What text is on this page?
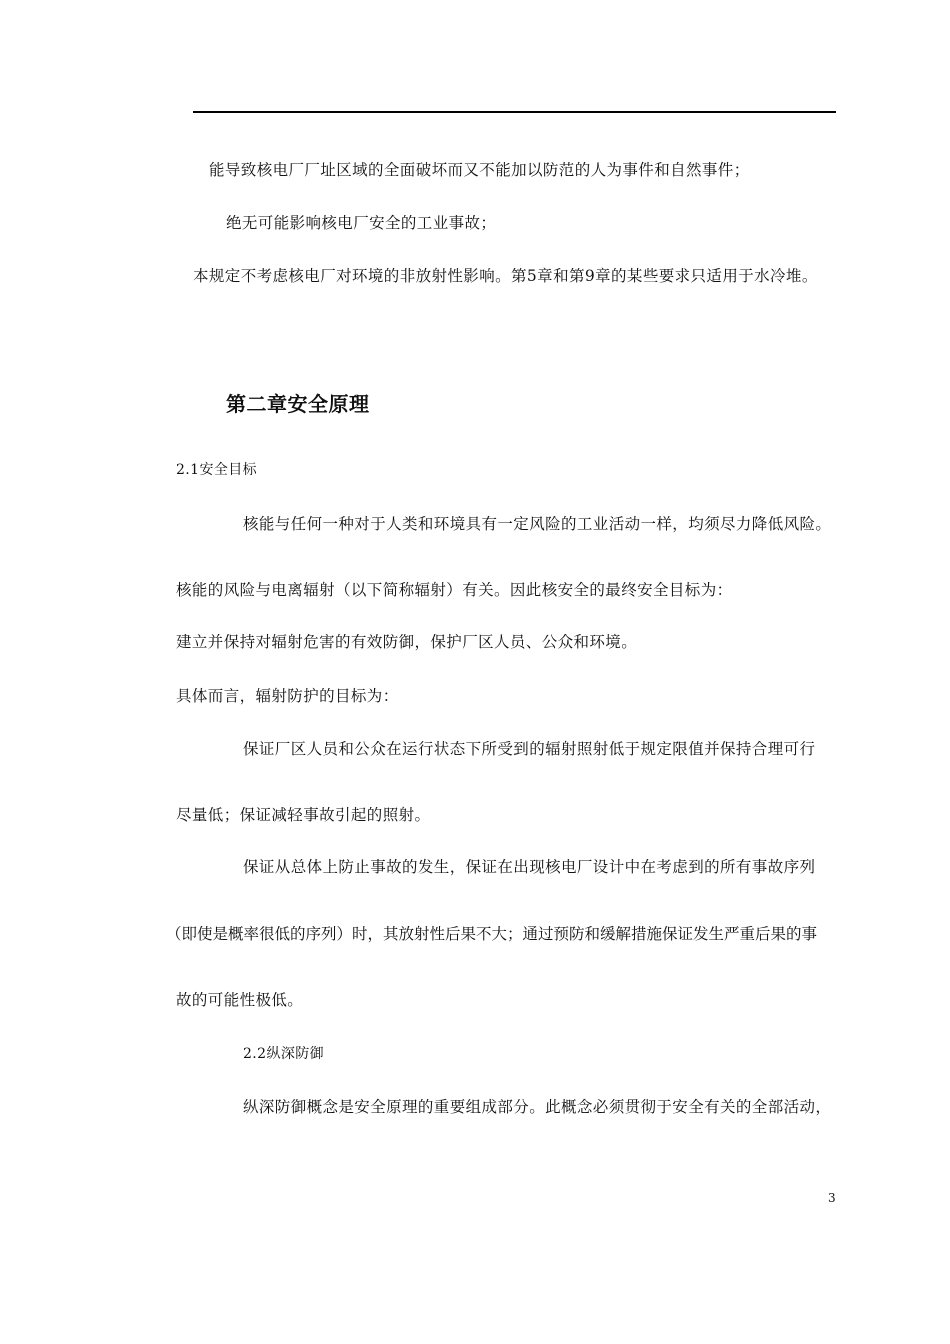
能导致核电厂厂址区域的全面破坏而又不能加以防范的人为事件和自然事件；
绝无可能影响核电厂安全的工业事故；
本规定不考虑核电厂对环境的非放射性影响。第5章和第9章的某些要求只适用于水冷堆。
第二章安全原理
2.1安全目标
核能与任何一种对于人类和环境具有一定风险的工业活动一样，均须尽力降低风险。
核能的风险与电离辐射（以下简称辐射）有关。因此核安全的最终安全目标为：
建立并保持对辐射危害的有效防御，保护厂区人员、公众和环境。
具体而言，辐射防护的目标为：
保证厂区人员和公众在运行状态下所受到的辐射照射低于规定限值并保持合理可行
尽量低；保证减轻事故引起的照射。
保证从总体上防止事故的发生，保证在出现核电厂设计中在考虑到的所有事故序列
（即使是概率很低的序列）时，其放射性后果不大；通过预防和缓解措施保证发生严重后果的事
故的可能性极低。
2.2纵深防御
纵深防御概念是安全原理的重要组成部分。此概念必须贯彻于安全有关的全部活动，
3
